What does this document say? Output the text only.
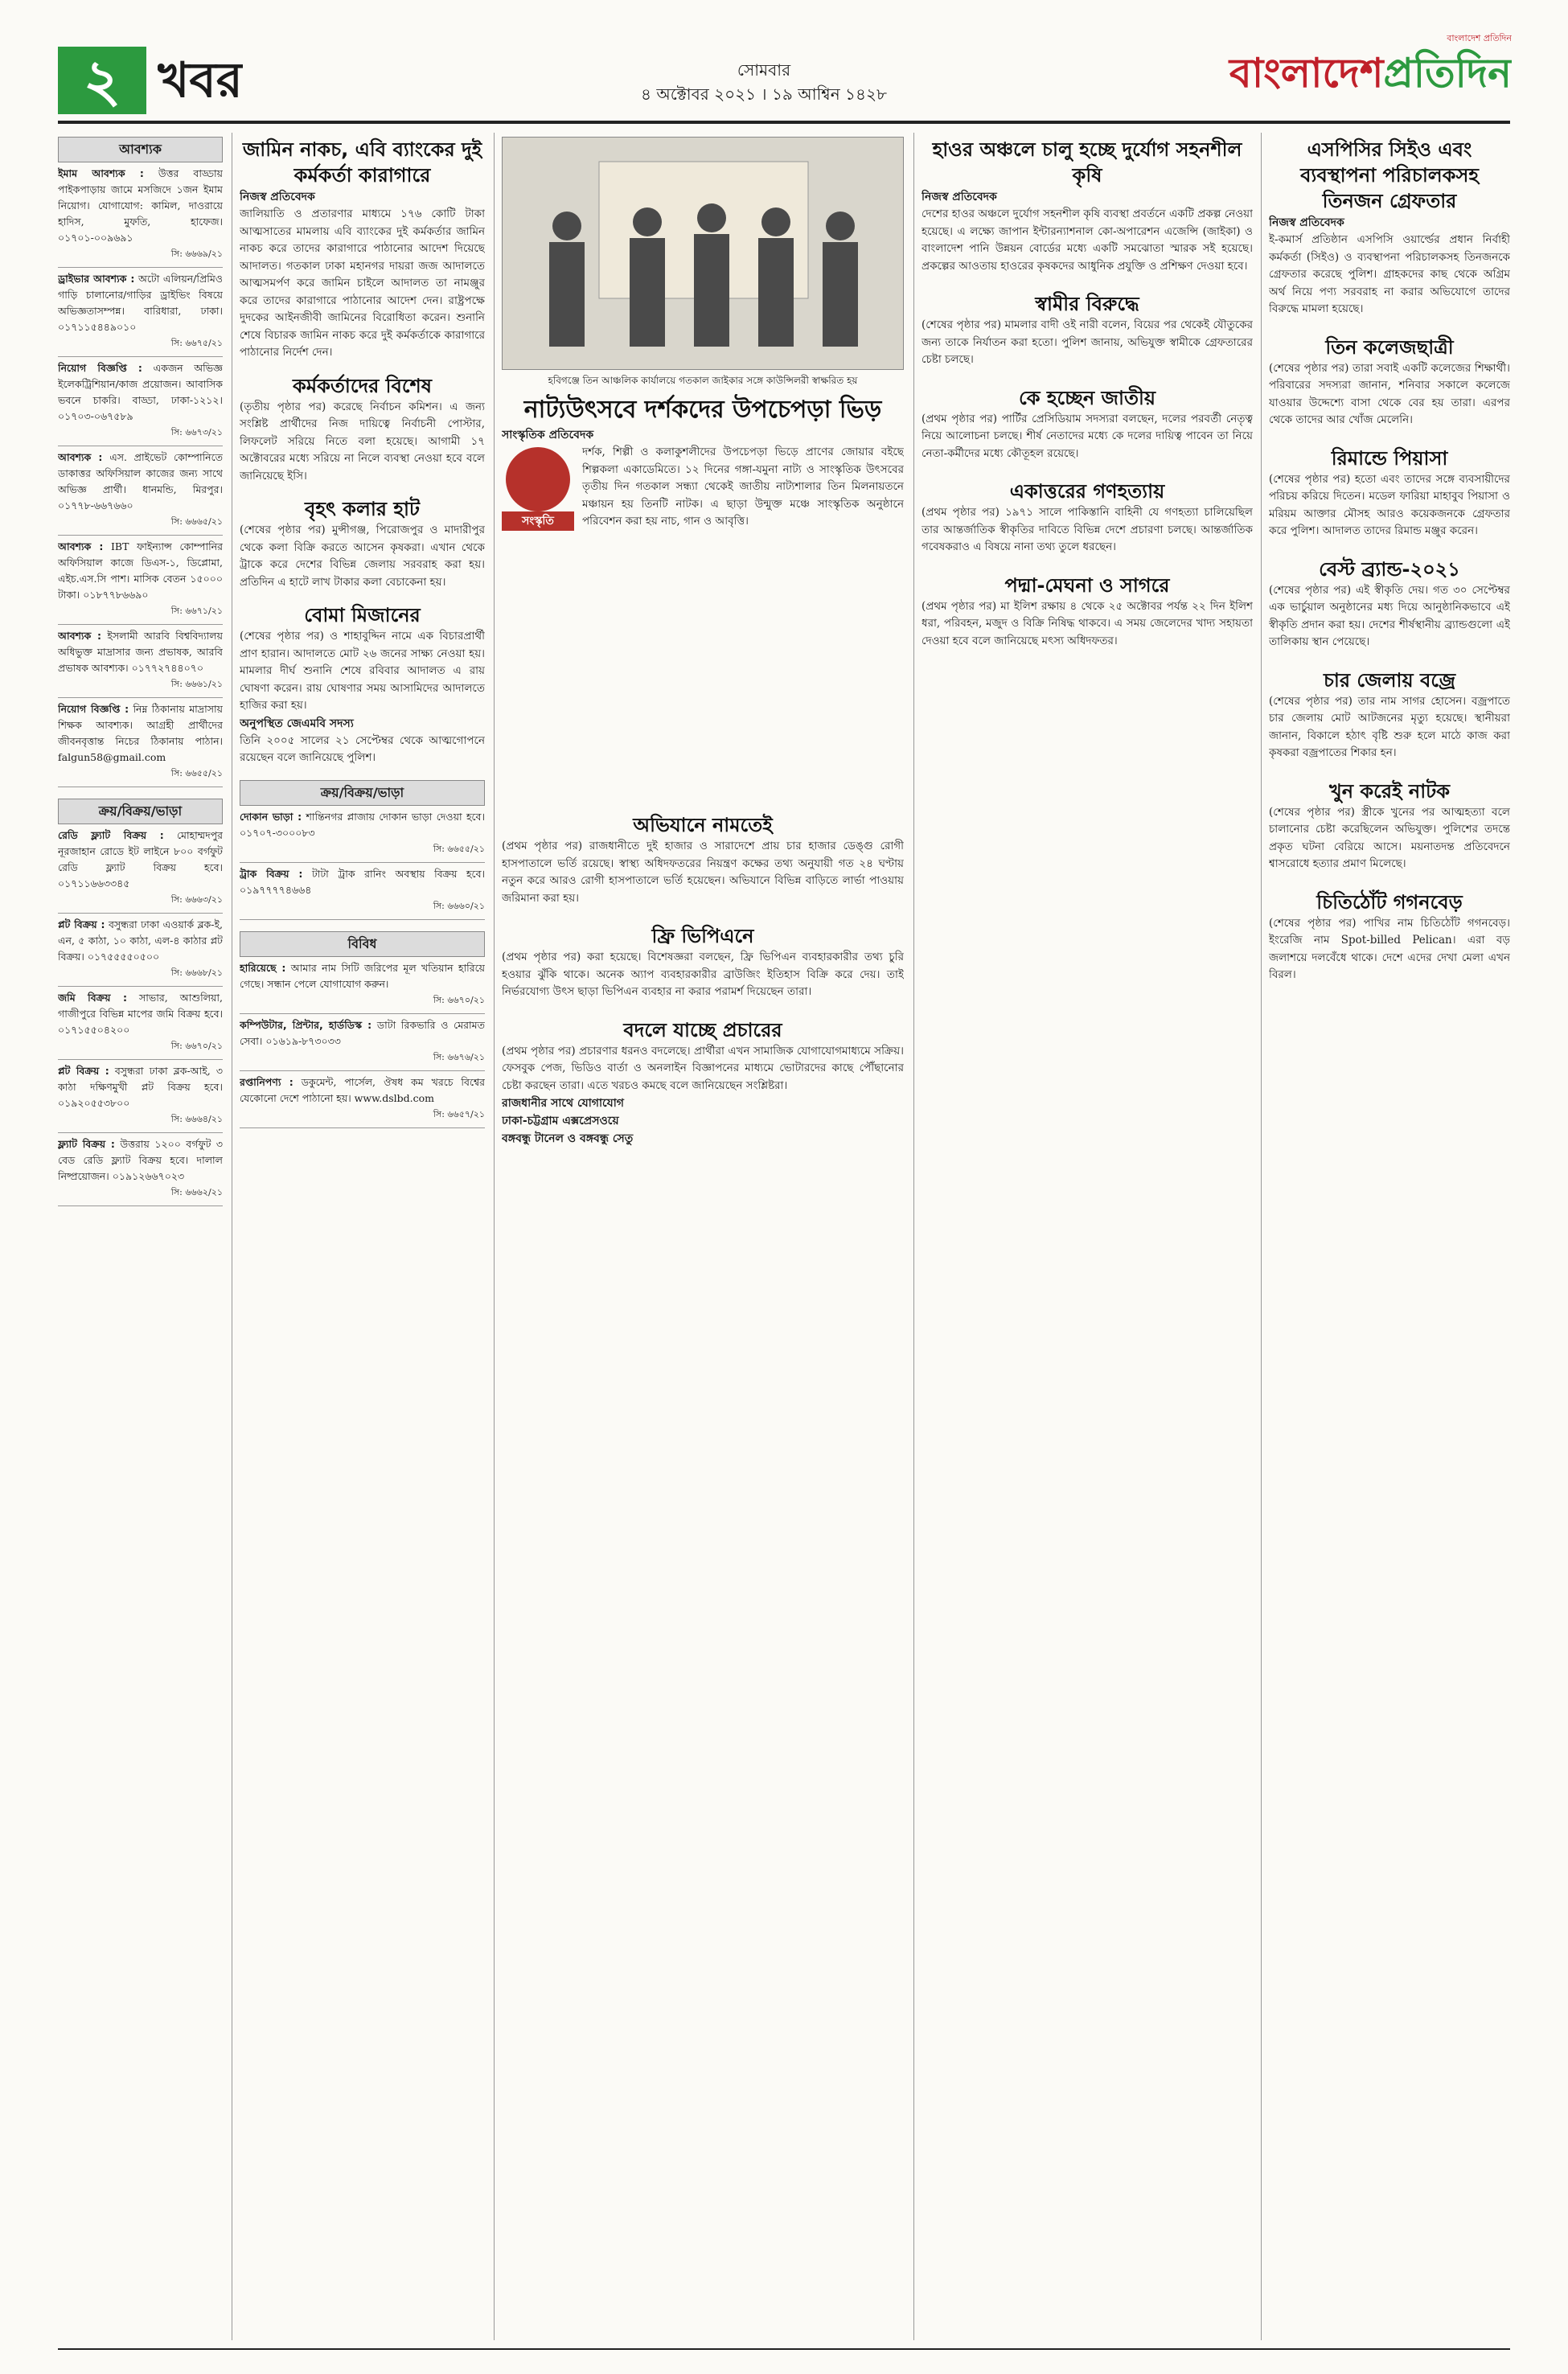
২ খবর	সোমবার
৪ অক্টোবর ২০২১ । ১৯ আশ্বিন ১৪২৮
বাংলাদেশ প্রতিদিন
বাংলাদেশপ্রতিদিন
আবশ্যক
ইমাম আবশ্যক : উত্তর বাড্ডায় পাইকপাড়ায় জামে মসজিদে ১জন ইমাম নিয়োগ। যোগাযোগ: কামিল, দাওরায়ে হাদিস, মুফতি, হাফেজ। ০১৭০১-০০৯৬৯১
সি: ৬৬৬৯/২১
ড্রাইভার আবশ্যক : অটো এলিয়ন/প্রিমিও গাড়ি চালানোর/গাড়ির ড্রাইভিং বিষয়ে অভিজ্ঞতাসম্পন্ন। বারিধারা, ঢাকা। ০১৭১১৫৪৪৯০১০
সি: ৬৬৭৫/২১
নিয়োগ বিজ্ঞপ্তি : একজন অভিজ্ঞ ইলেকট্রিশিয়ান/কাজ প্রয়োজন। আবাসিক ভবনে চাকরি। বাড্ডা, ঢাকা-১২১২। ০১৭০৩-০৬৭৫৮৯
সি: ৬৬৭৩/২১
আবশ্যক : এস. প্রাইভেট কোম্পানিতে ডাকাত্তর অফিসিয়াল কাজের জন্য সাথে অভিজ্ঞ প্রার্থী। ধানমন্ডি, মিরপুর। ০১৭৭৮-৬৬৭৬৬০
সি: ৬৬৬৫/২১
আবশ্যক : IBT ফাইন্যান্স কোম্পানির অফিসিয়াল কাজে ডিএস-১, ডিপ্লোমা, এইচ.এস.সি পাশ। মাসিক বেতন ১৫০০০ টাকা। ০১৮৭৭৮৬৬৯০
সি: ৬৬৭১/২১
আবশ্যক : ইসলামী আরবি বিশ্ববিদ্যালয় অধিভুক্ত মাদ্রাসার জন্য প্রভাষক, আরবি প্রভাষক আবশ্যক। ০১৭৭২৭৪৪০৭০
সি: ৬৬৬১/২১
নিয়োগ বিজ্ঞপ্তি : নিম্ন ঠিকানায় মাদ্রাসায় শিক্ষক আবশ্যক। আগ্রহী প্রার্থীদের জীবনবৃত্তান্ত নিচের ঠিকানায় পাঠান। falgun58@gmail.com
সি: ৬৬৫৫/২১
ক্রয়/বিক্রয়/ভাড়া
রেডি ফ্ল্যাট বিক্রয় : মোহাম্মদপুর নূরজাহান রোডে ইট লাইনে ৮০০ বর্গফুট রেডি ফ্ল্যাট বিক্রয় হবে। ০১৭১১৬৬৩৩৪৫
সি: ৬৬৬৩/২১
প্লট বিক্রয় : বসুন্ধরা ঢাকা এওয়ার্ক ব্লক-ই, এন, ৫ কাঠা, ১০ কাঠা, এল-৪ কাঠার প্লট বিক্রয়। ০১৭৫৫৫৫০৫০০
সি: ৬৬৬৮/২১
জমি বিক্রয় : সাভার, আশুলিয়া, গাজীপুরে বিভিন্ন মাপের জমি বিক্রয় হবে। ০১৭১৫৫০৪২০০
সি: ৬৬৭০/২১
প্লট বিক্রয় : বসুন্ধরা ঢাকা ব্লক-আই, ৩ কাঠা দক্ষিণমুখী প্লট বিক্রয় হবে। ০১৯২০৫৫৩৮০০
সি: ৬৬৬৪/২১
ফ্ল্যাট বিক্রয় : উত্তরায় ১২০০ বর্গফুট ৩ বেড রেডি ফ্ল্যাট বিক্রয় হবে। দালাল নিষ্প্রয়োজন। ০১৯১২৬৬৭০২৩
সি: ৬৬৬২/২১
জামিন নাকচ, এবি ব্যাংকের দুই কর্মকর্তা কারাগারে
নিজস্ব প্রতিবেদক
জালিয়াতি ও প্রতারণার মাধ্যমে ১৭৬ কোটি টাকা আত্মসাতের মামলায় এবি ব্যাংকের দুই কর্মকর্তার জামিন নাকচ করে তাদের কারাগারে পাঠানোর আদেশ দিয়েছে আদালত। গতকাল ঢাকা মহানগর দায়রা জজ আদালতে আত্মসমর্পণ করে জামিন চাইলে আদালত তা নামঞ্জুর করে তাদের কারাগারে পাঠানোর আদেশ দেন। রাষ্ট্রপক্ষে দুদকের আইনজীবী জামিনের বিরোধিতা করেন। শুনানি শেষে বিচারক জামিন নাকচ করে দুই কর্মকর্তাকে কারাগারে পাঠানোর নির্দেশ দেন।
কর্মকর্তাদের বিশেষ
(তৃতীয় পৃষ্ঠার পর) করেছে নির্বাচন কমিশন। এ জন্য সংশ্লিষ্ট প্রার্থীদের নিজ দায়িত্বে নির্বাচনী পোস্টার, লিফলেট সরিয়ে নিতে বলা হয়েছে। আগামী ১৭ অক্টোবরের মধ্যে সরিয়ে না নিলে ব্যবস্থা নেওয়া হবে বলে জানিয়েছে ইসি।
বৃহৎ কলার হাট
(শেষের পৃষ্ঠার পর) মুন্সীগঞ্জ, পিরোজপুর ও মাদারীপুর থেকে কলা বিক্রি করতে আসেন কৃষকরা। এখান থেকে ট্রাকে করে দেশের বিভিন্ন জেলায় সরবরাহ করা হয়। প্রতিদিন এ হাটে লাখ টাকার কলা বেচাকেনা হয়।
বোমা মিজানের
(শেষের পৃষ্ঠার পর) ও শাহাবুদ্দিন নামে এক বিচারপ্রার্থী প্রাণ হারান। আদালতে মোট ২৬ জনের সাক্ষ্য নেওয়া হয়। মামলার দীর্ঘ শুনানি শেষে রবিবার আদালত এ রায় ঘোষণা করেন। রায় ঘোষণার সময় আসামিদের আদালতে হাজির করা হয়।
অনুপস্থিত জেএমবি সদস্য
তিনি ২০০৫ সালের ২১ সেপ্টেম্বর থেকে আত্মগোপনে রয়েছেন বলে জানিয়েছে পুলিশ।
ক্রয়/বিক্রয়/ভাড়া
দোকান ভাড়া : শান্তিনগর প্লাজায় দোকান ভাড়া দেওয়া হবে। ০১৭০৭-৩০০০৮৩
সি: ৬৬৫৫/২১
ট্রাক বিক্রয় : টাটা ট্রাক রানিং অবস্থায় বিক্রয় হবে। ০১৯৭৭৭৭৪৬৬৪
সি: ৬৬৬০/২১
বিবিধ
হারিয়েছে : আমার নাম সিটি জরিপের মূল খতিয়ান হারিয়ে গেছে। সন্ধান পেলে যোগাযোগ করুন।
সি: ৬৬৭০/২১
কম্পিউটার, প্রিন্টার, হার্ডডিস্ক : ডাটা রিকভারি ও মেরামত সেবা। ০১৬১৯-৮৭৩০৩৩
সি: ৬৬৭৬/২১
রপ্তানিপণ্য : ডকুমেন্ট, পার্সেল, ঔষধ কম খরচে বিশ্বের যেকোনো দেশে পাঠানো হয়। www.dslbd.com
সি: ৬৬৫৭/২১
হবিগঞ্জে তিন আঞ্চলিক কার্যালয়ে গতকাল জাইকার সঙ্গে কাউন্সিলরী স্বাক্ষরিত হয়
নাট্যউৎসবে দর্শকদের উপচেপড়া ভিড়
সাংস্কৃতিক প্রতিবেদক
সংস্কৃতি
দর্শক, শিল্পী ও কলাকুশলীদের উপচেপড়া ভিড়ে প্রাণের জোয়ার বইছে শিল্পকলা একাডেমিতে। ১২ দিনের গঙ্গা-যমুনা নাট্য ও সাংস্কৃতিক উৎসবের তৃতীয় দিন গতকাল সন্ধ্যা থেকেই জাতীয় নাট্যশালার তিন মিলনায়তনে মঞ্চায়ন হয় তিনটি নাটক। এ ছাড়া উন্মুক্ত মঞ্চে সাংস্কৃতিক অনুষ্ঠানে পরিবেশন করা হয় নাচ, গান ও আবৃত্তি।
অভিযানে নামতেই
(প্রথম পৃষ্ঠার পর) রাজধানীতে দুই হাজার ও সারাদেশে প্রায় চার হাজার ডেঙ্গু রোগী হাসপাতালে ভর্তি রয়েছে। স্বাস্থ্য অধিদফতরের নিয়ন্ত্রণ কক্ষের তথ্য অনুযায়ী গত ২৪ ঘণ্টায় নতুন করে আরও রোগী হাসপাতালে ভর্তি হয়েছেন। অভিযানে বিভিন্ন বাড়িতে লার্ভা পাওয়ায় জরিমানা করা হয়।
ফ্রি ভিপিএনে
(প্রথম পৃষ্ঠার পর) করা হয়েছে। বিশেষজ্ঞরা বলছেন, ফ্রি ভিপিএন ব্যবহারকারীর তথ্য চুরি হওয়ার ঝুঁকি থাকে। অনেক অ্যাপ ব্যবহারকারীর ব্রাউজিং ইতিহাস বিক্রি করে দেয়। তাই নির্ভরযোগ্য উৎস ছাড়া ভিপিএন ব্যবহার না করার পরামর্শ দিয়েছেন তারা।
বদলে যাচ্ছে প্রচারের
(প্রথম পৃষ্ঠার পর) প্রচারণার ধরনও বদলেছে। প্রার্থীরা এখন সামাজিক যোগাযোগমাধ্যমে সক্রিয়। ফেসবুক পেজ, ভিডিও বার্তা ও অনলাইন বিজ্ঞাপনের মাধ্যমে ভোটারদের কাছে পৌঁছানোর চেষ্টা করছেন তারা। এতে খরচও কমছে বলে জানিয়েছেন সংশ্লিষ্টরা।
রাজধানীর সাথে যোগাযোগ
ঢাকা-চট্টগ্রাম এক্সপ্রেসওয়ে
বঙ্গবন্ধু টানেল ও বঙ্গবন্ধু সেতু
হাওর অঞ্চলে চালু হচ্ছে দুর্যোগ সহনশীল কৃষি
নিজস্ব প্রতিবেদক
দেশের হাওর অঞ্চলে দুর্যোগ সহনশীল কৃষি ব্যবস্থা প্রবর্তনে একটি প্রকল্প নেওয়া হয়েছে। এ লক্ষ্যে জাপান ইন্টারন্যাশনাল কো-অপারেশন এজেন্সি (জাইকা) ও বাংলাদেশ পানি উন্নয়ন বোর্ডের মধ্যে একটি সমঝোতা স্মারক সই হয়েছে। প্রকল্পের আওতায় হাওরের কৃষকদের আধুনিক প্রযুক্তি ও প্রশিক্ষণ দেওয়া হবে।
স্বামীর বিরুদ্ধে
(শেষের পৃষ্ঠার পর) মামলার বাদী ওই নারী বলেন, বিয়ের পর থেকেই যৌতুকের জন্য তাকে নির্যাতন করা হতো। পুলিশ জানায়, অভিযুক্ত স্বামীকে গ্রেফতারের চেষ্টা চলছে।
কে হচ্ছেন জাতীয়
(প্রথম পৃষ্ঠার পর) পার্টির প্রেসিডিয়াম সদস্যরা বলছেন, দলের পরবর্তী নেতৃত্ব নিয়ে আলোচনা চলছে। শীর্ষ নেতাদের মধ্যে কে দলের দায়িত্ব পাবেন তা নিয়ে নেতা-কর্মীদের মধ্যে কৌতূহল রয়েছে।
একাত্তরের গণহত্যায়
(প্রথম পৃষ্ঠার পর) ১৯৭১ সালে পাকিস্তানি বাহিনী যে গণহত্যা চালিয়েছিল তার আন্তর্জাতিক স্বীকৃতির দাবিতে বিভিন্ন দেশে প্রচারণা চলছে। আন্তর্জাতিক গবেষকরাও এ বিষয়ে নানা তথ্য তুলে ধরছেন।
পদ্মা-মেঘনা ও সাগরে
(প্রথম পৃষ্ঠার পর) মা ইলিশ রক্ষায় ৪ থেকে ২৫ অক্টোবর পর্যন্ত ২২ দিন ইলিশ ধরা, পরিবহন, মজুদ ও বিক্রি নিষিদ্ধ থাকবে। এ সময় জেলেদের খাদ্য সহায়তা দেওয়া হবে বলে জানিয়েছে মৎস্য অধিদফতর।
এসপিসির সিইও এবং ব্যবস্থাপনা পরিচালকসহ তিনজন গ্রেফতার
নিজস্ব প্রতিবেদক
ই-কমার্স প্রতিষ্ঠান এসপিসি ওয়ার্ল্ডের প্রধান নির্বাহী কর্মকর্তা (সিইও) ও ব্যবস্থাপনা পরিচালকসহ তিনজনকে গ্রেফতার করেছে পুলিশ। গ্রাহকদের কাছ থেকে অগ্রিম অর্থ নিয়ে পণ্য সরবরাহ না করার অভিযোগে তাদের বিরুদ্ধে মামলা হয়েছে।
তিন কলেজছাত্রী
(শেষের পৃষ্ঠার পর) তারা সবাই একটি কলেজের শিক্ষার্থী। পরিবারের সদস্যরা জানান, শনিবার সকালে কলেজে যাওয়ার উদ্দেশ্যে বাসা থেকে বের হয় তারা। এরপর থেকে তাদের আর খোঁজ মেলেনি।
রিমান্ডে পিয়াসা
(শেষের পৃষ্ঠার পর) হতো এবং তাদের সঙ্গে ব্যবসায়ীদের পরিচয় করিয়ে দিতেন। মডেল ফারিয়া মাহাবুব পিয়াসা ও মরিয়ম আক্তার মৌসহ আরও কয়েকজনকে গ্রেফতার করে পুলিশ। আদালত তাদের রিমান্ড মঞ্জুর করেন।
বেস্ট ব্র্যান্ড-২০২১
(শেষের পৃষ্ঠার পর) এই স্বীকৃতি দেয়। গত ৩০ সেপ্টেম্বর এক ভার্চুয়াল অনুষ্ঠানের মধ্য দিয়ে আনুষ্ঠানিকভাবে এই স্বীকৃতি প্রদান করা হয়। দেশের শীর্ষস্থানীয় ব্র্যান্ডগুলো এই তালিকায় স্থান পেয়েছে।
চার জেলায় বজ্রে
(শেষের পৃষ্ঠার পর) তার নাম সাগর হোসেন। বজ্রপাতে চার জেলায় মোট আটজনের মৃত্যু হয়েছে। স্থানীয়রা জানান, বিকালে হঠাৎ বৃষ্টি শুরু হলে মাঠে কাজ করা কৃষকরা বজ্রপাতের শিকার হন।
খুন করেই নাটক
(শেষের পৃষ্ঠার পর) স্ত্রীকে খুনের পর আত্মহত্যা বলে চালানোর চেষ্টা করেছিলেন অভিযুক্ত। পুলিশের তদন্তে প্রকৃত ঘটনা বেরিয়ে আসে। ময়নাতদন্ত প্রতিবেদনে শ্বাসরোধে হত্যার প্রমাণ মিলেছে।
চিতিঠোঁট গগনবেড়
(শেষের পৃষ্ঠার পর) পাখির নাম চিতিঠোঁট গগনবেড়। ইংরেজি নাম Spot-billed Pelican। এরা বড় জলাশয়ে দলবেঁধে থাকে। দেশে এদের দেখা মেলা এখন বিরল।
